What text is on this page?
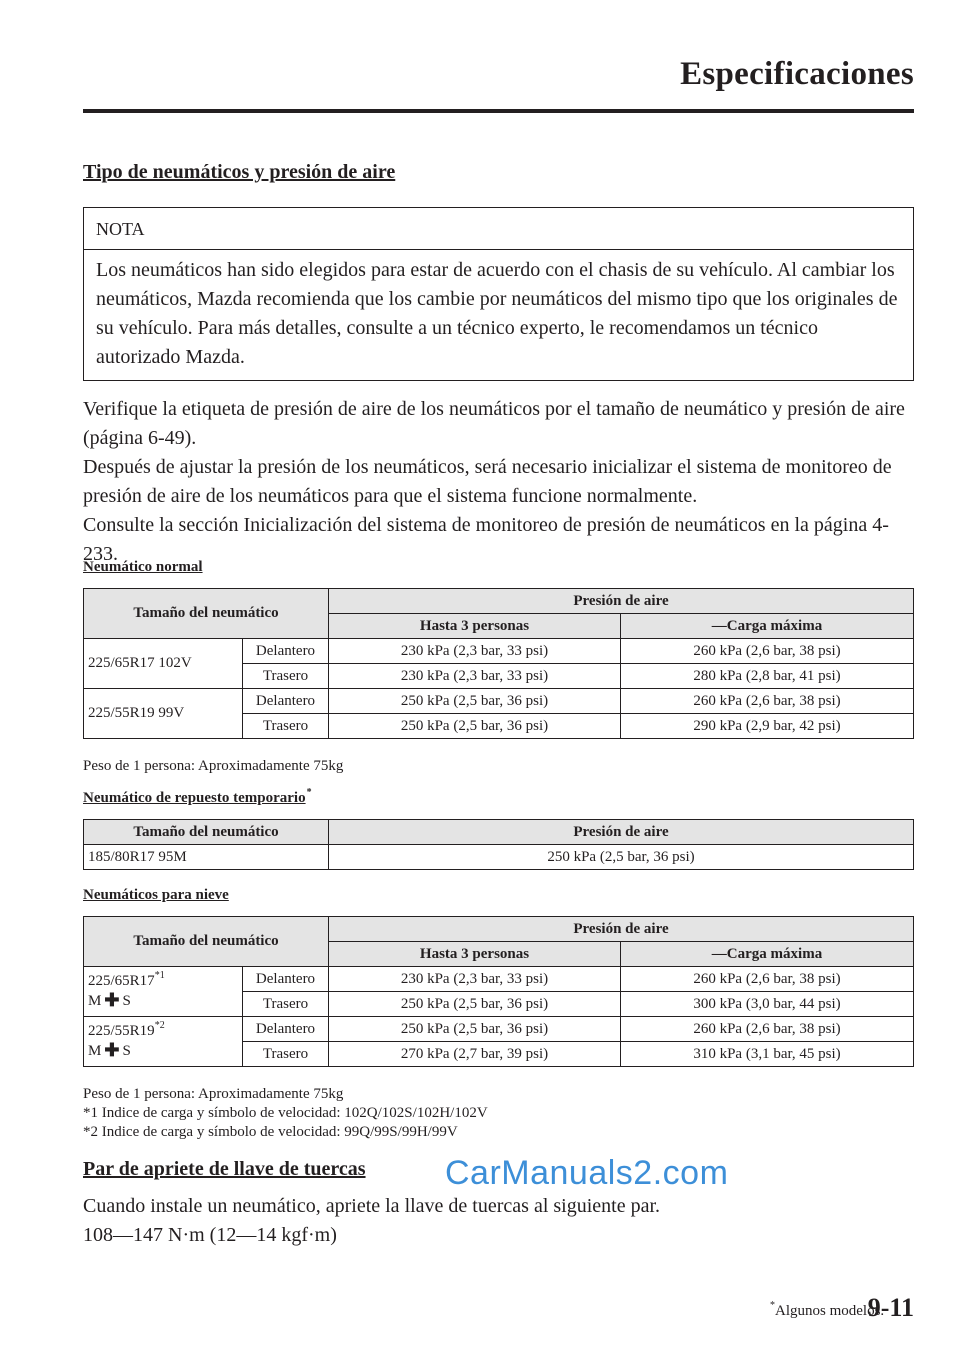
Especificaciones
Tipo de neumáticos y presión de aire
NOTA
Los neumáticos han sido elegidos para estar de acuerdo con el chasis de su vehículo. Al cambiar los neumáticos, Mazda recomienda que los cambie por neumáticos del mismo tipo que los originales de su vehículo. Para más detalles, consulte a un técnico experto, le recomendamos un técnico autorizado Mazda.
Verifique la etiqueta de presión de aire de los neumáticos por el tamaño de neumático y presión de aire (página 6-49).
Después de ajustar la presión de los neumáticos, será necesario inicializar el sistema de monitoreo de presión de aire de los neumáticos para que el sistema funcione normalmente.
Consulte la sección Inicialización del sistema de monitoreo de presión de neumáticos en la página 4-233.
Neumático normal
Tamaño del neumático		Presión de aire	
		Hasta 3 personas	―Carga máxima
225/65R17 102V	Delantero	230 kPa (2,3 bar, 33 psi)	260 kPa (2,6 bar, 38 psi)
	Trasero	230 kPa (2,3 bar, 33 psi)	280 kPa (2,8 bar, 41 psi)
225/55R19 99V	Delantero	250 kPa (2,5 bar, 36 psi)	260 kPa (2,6 bar, 38 psi)
	Trasero	250 kPa (2,5 bar, 36 psi)	290 kPa (2,9 bar, 42 psi)
Peso de 1 persona: Aproximadamente 75kg
Neumático de repuesto temporario*
Tamaño del neumático	Presión de aire
185/80R17 95M	250 kPa (2,5 bar, 36 psi)
Neumáticos para nieve
Tamaño del neumático		Presión de aire	
		Hasta 3 personas	―Carga máxima
225/65R17$^{*1}$
M ✚ S	Delantero	230 kPa (2,3 bar, 33 psi)	260 kPa (2,6 bar, 38 psi)
	Trasero	250 kPa (2,5 bar, 36 psi)	300 kPa (3,0 bar, 44 psi)
225/55R19$^{*2}$
M ✚ S	Delantero	250 kPa (2,5 bar, 36 psi)	260 kPa (2,6 bar, 38 psi)
	Trasero	270 kPa (2,7 bar, 39 psi)	310 kPa (3,1 bar, 45 psi)
Peso de 1 persona: Aproximadamente 75kg
*1 Indice de carga y símbolo de velocidad: 102Q/102S/102H/102V
*2 Indice de carga y símbolo de velocidad: 99Q/99S/99H/99V
Par de apriete de llave de tuercas CarManuals2.com
Cuando instale un neumático, apriete la llave de tuercas al siguiente par.
108―147 N·m (12―14 kgf·m)
*Algunos modelos.
9-11
